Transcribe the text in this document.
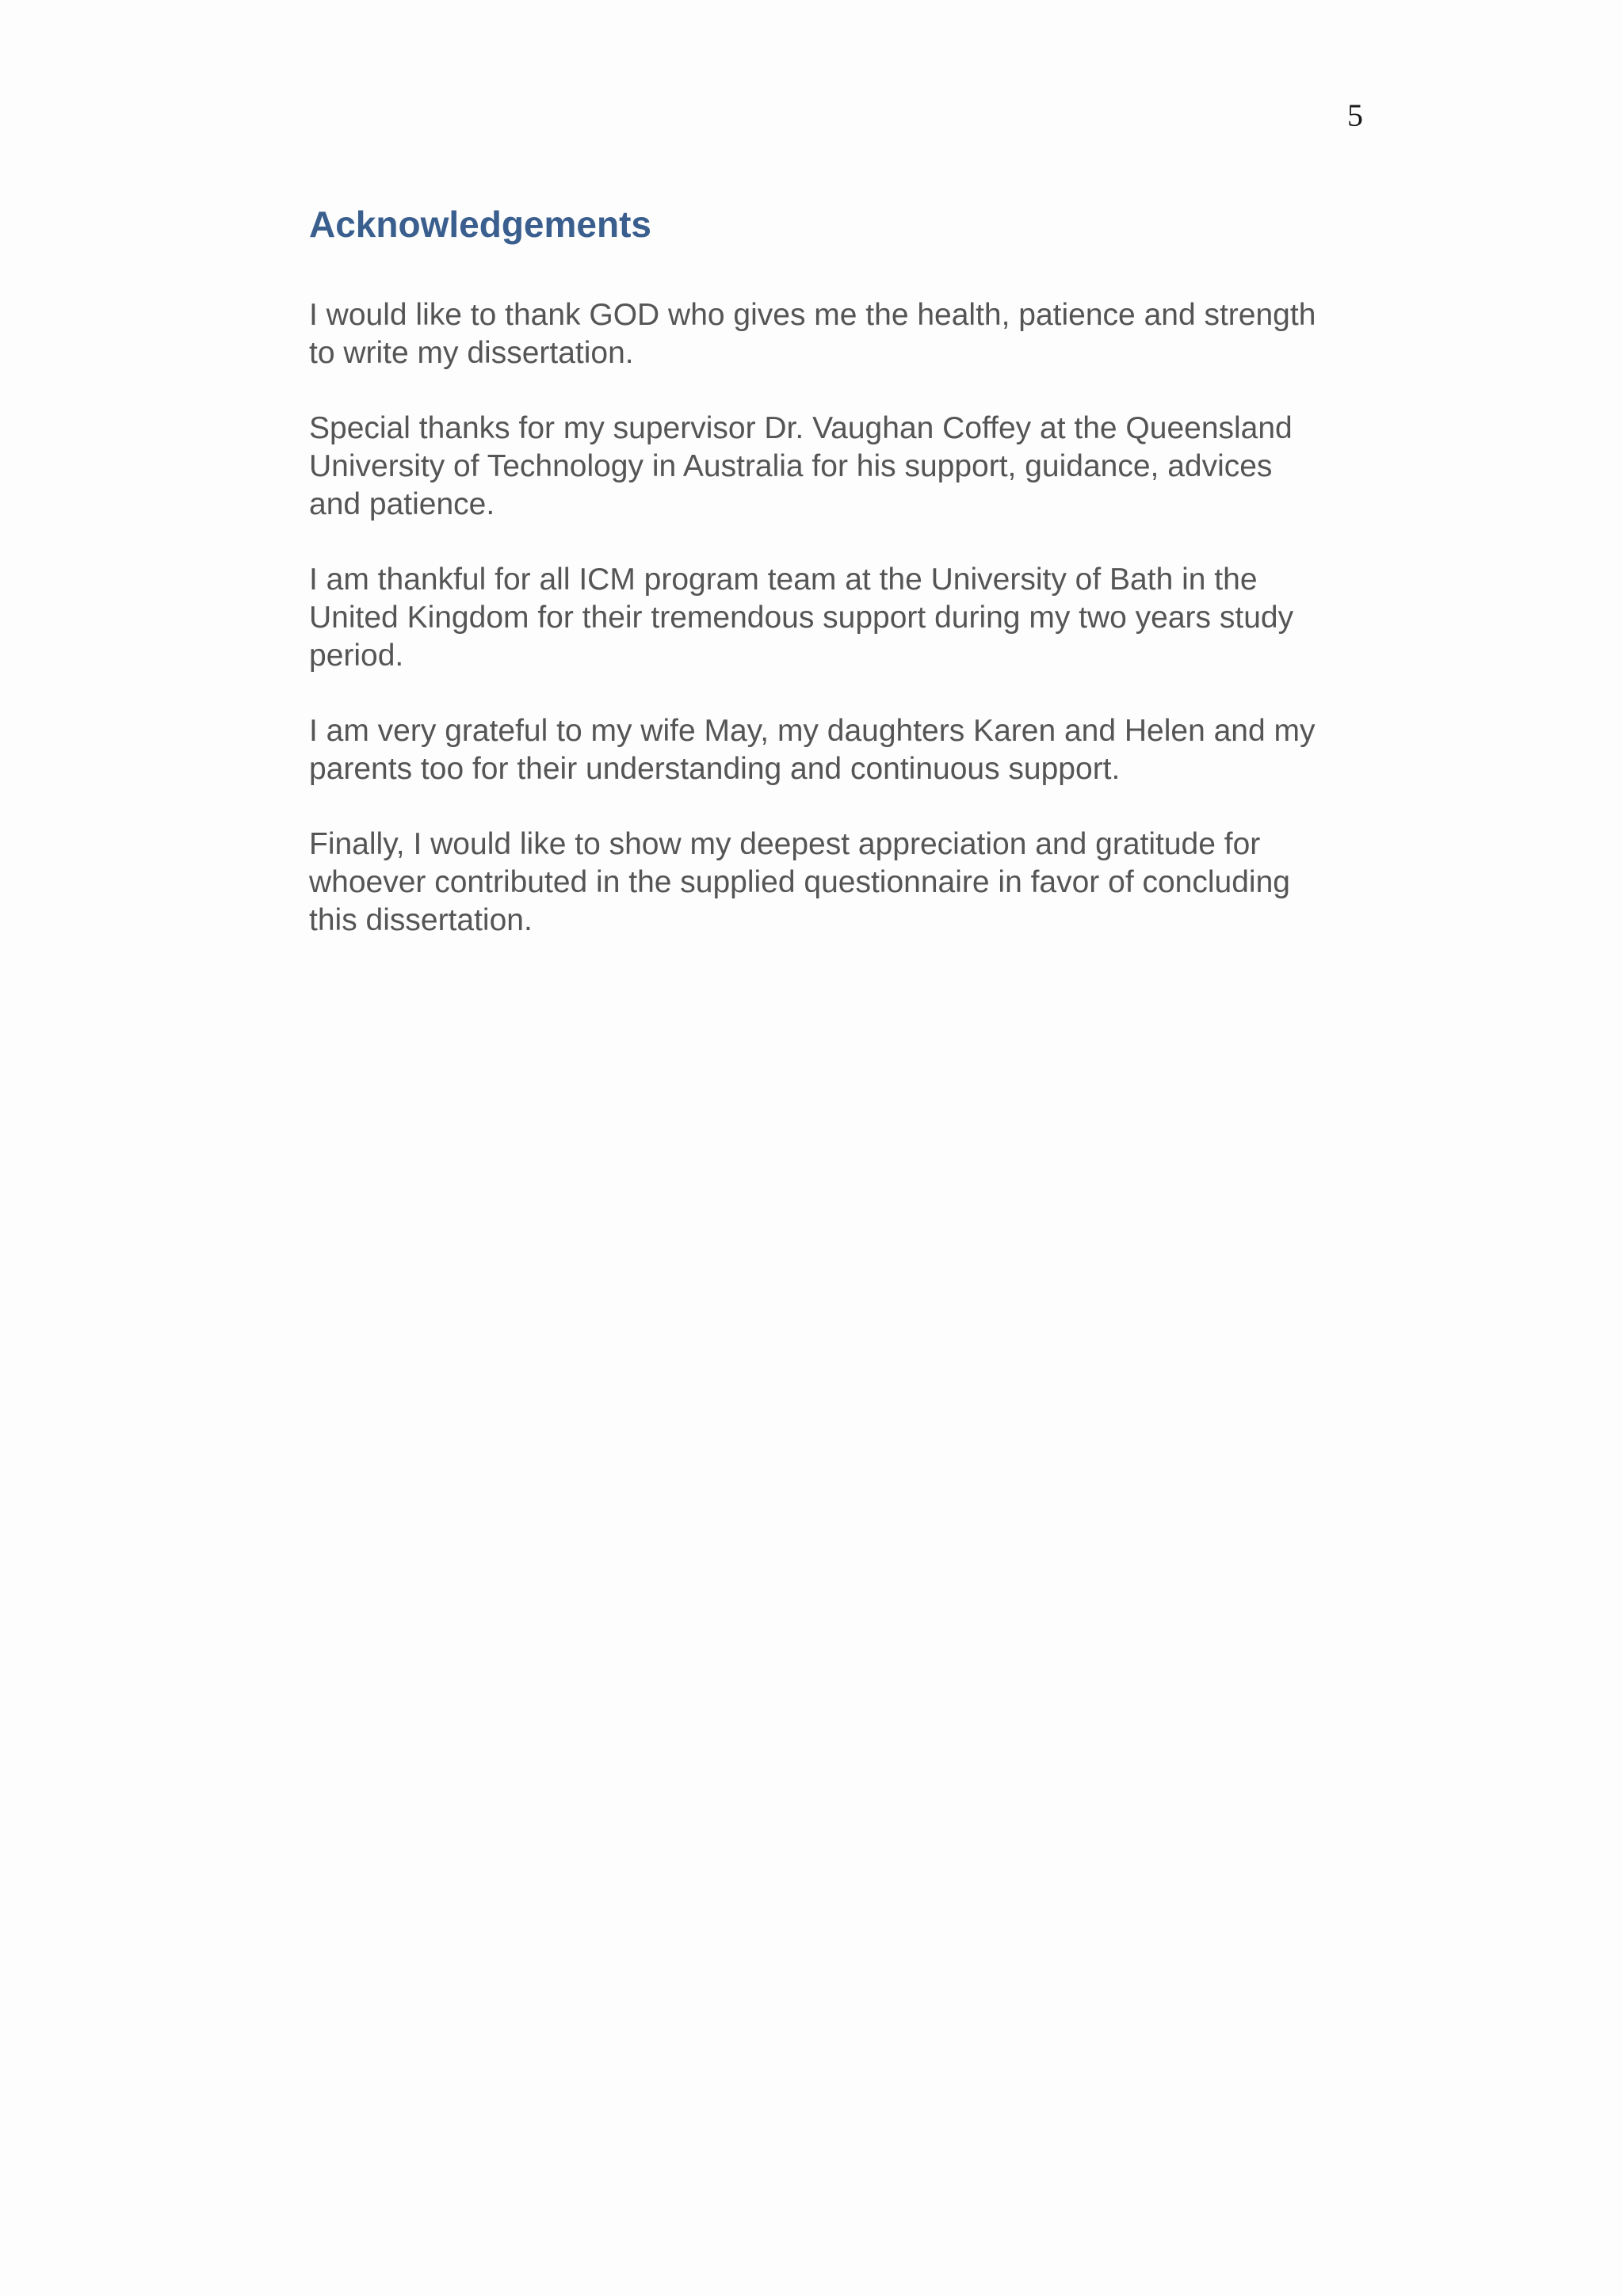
5
Acknowledgements

I would like to thank GOD who gives me the health, patience and strength
to write my dissertation.

Special thanks for my supervisor Dr. Vaughan Coffey at the Queensland
University of Technology in Australia for his support, guidance, advices
and patience.

I am thankful for all ICM program team at the University of Bath in the
United Kingdom for their tremendous support during my two years study
period.

I am very grateful to my wife May, my daughters Karen and Helen and my
parents too for their understanding and continuous support.

Finally, I would like to show my deepest appreciation and gratitude for
whoever contributed in the supplied questionnaire in favor of concluding
this dissertation.
